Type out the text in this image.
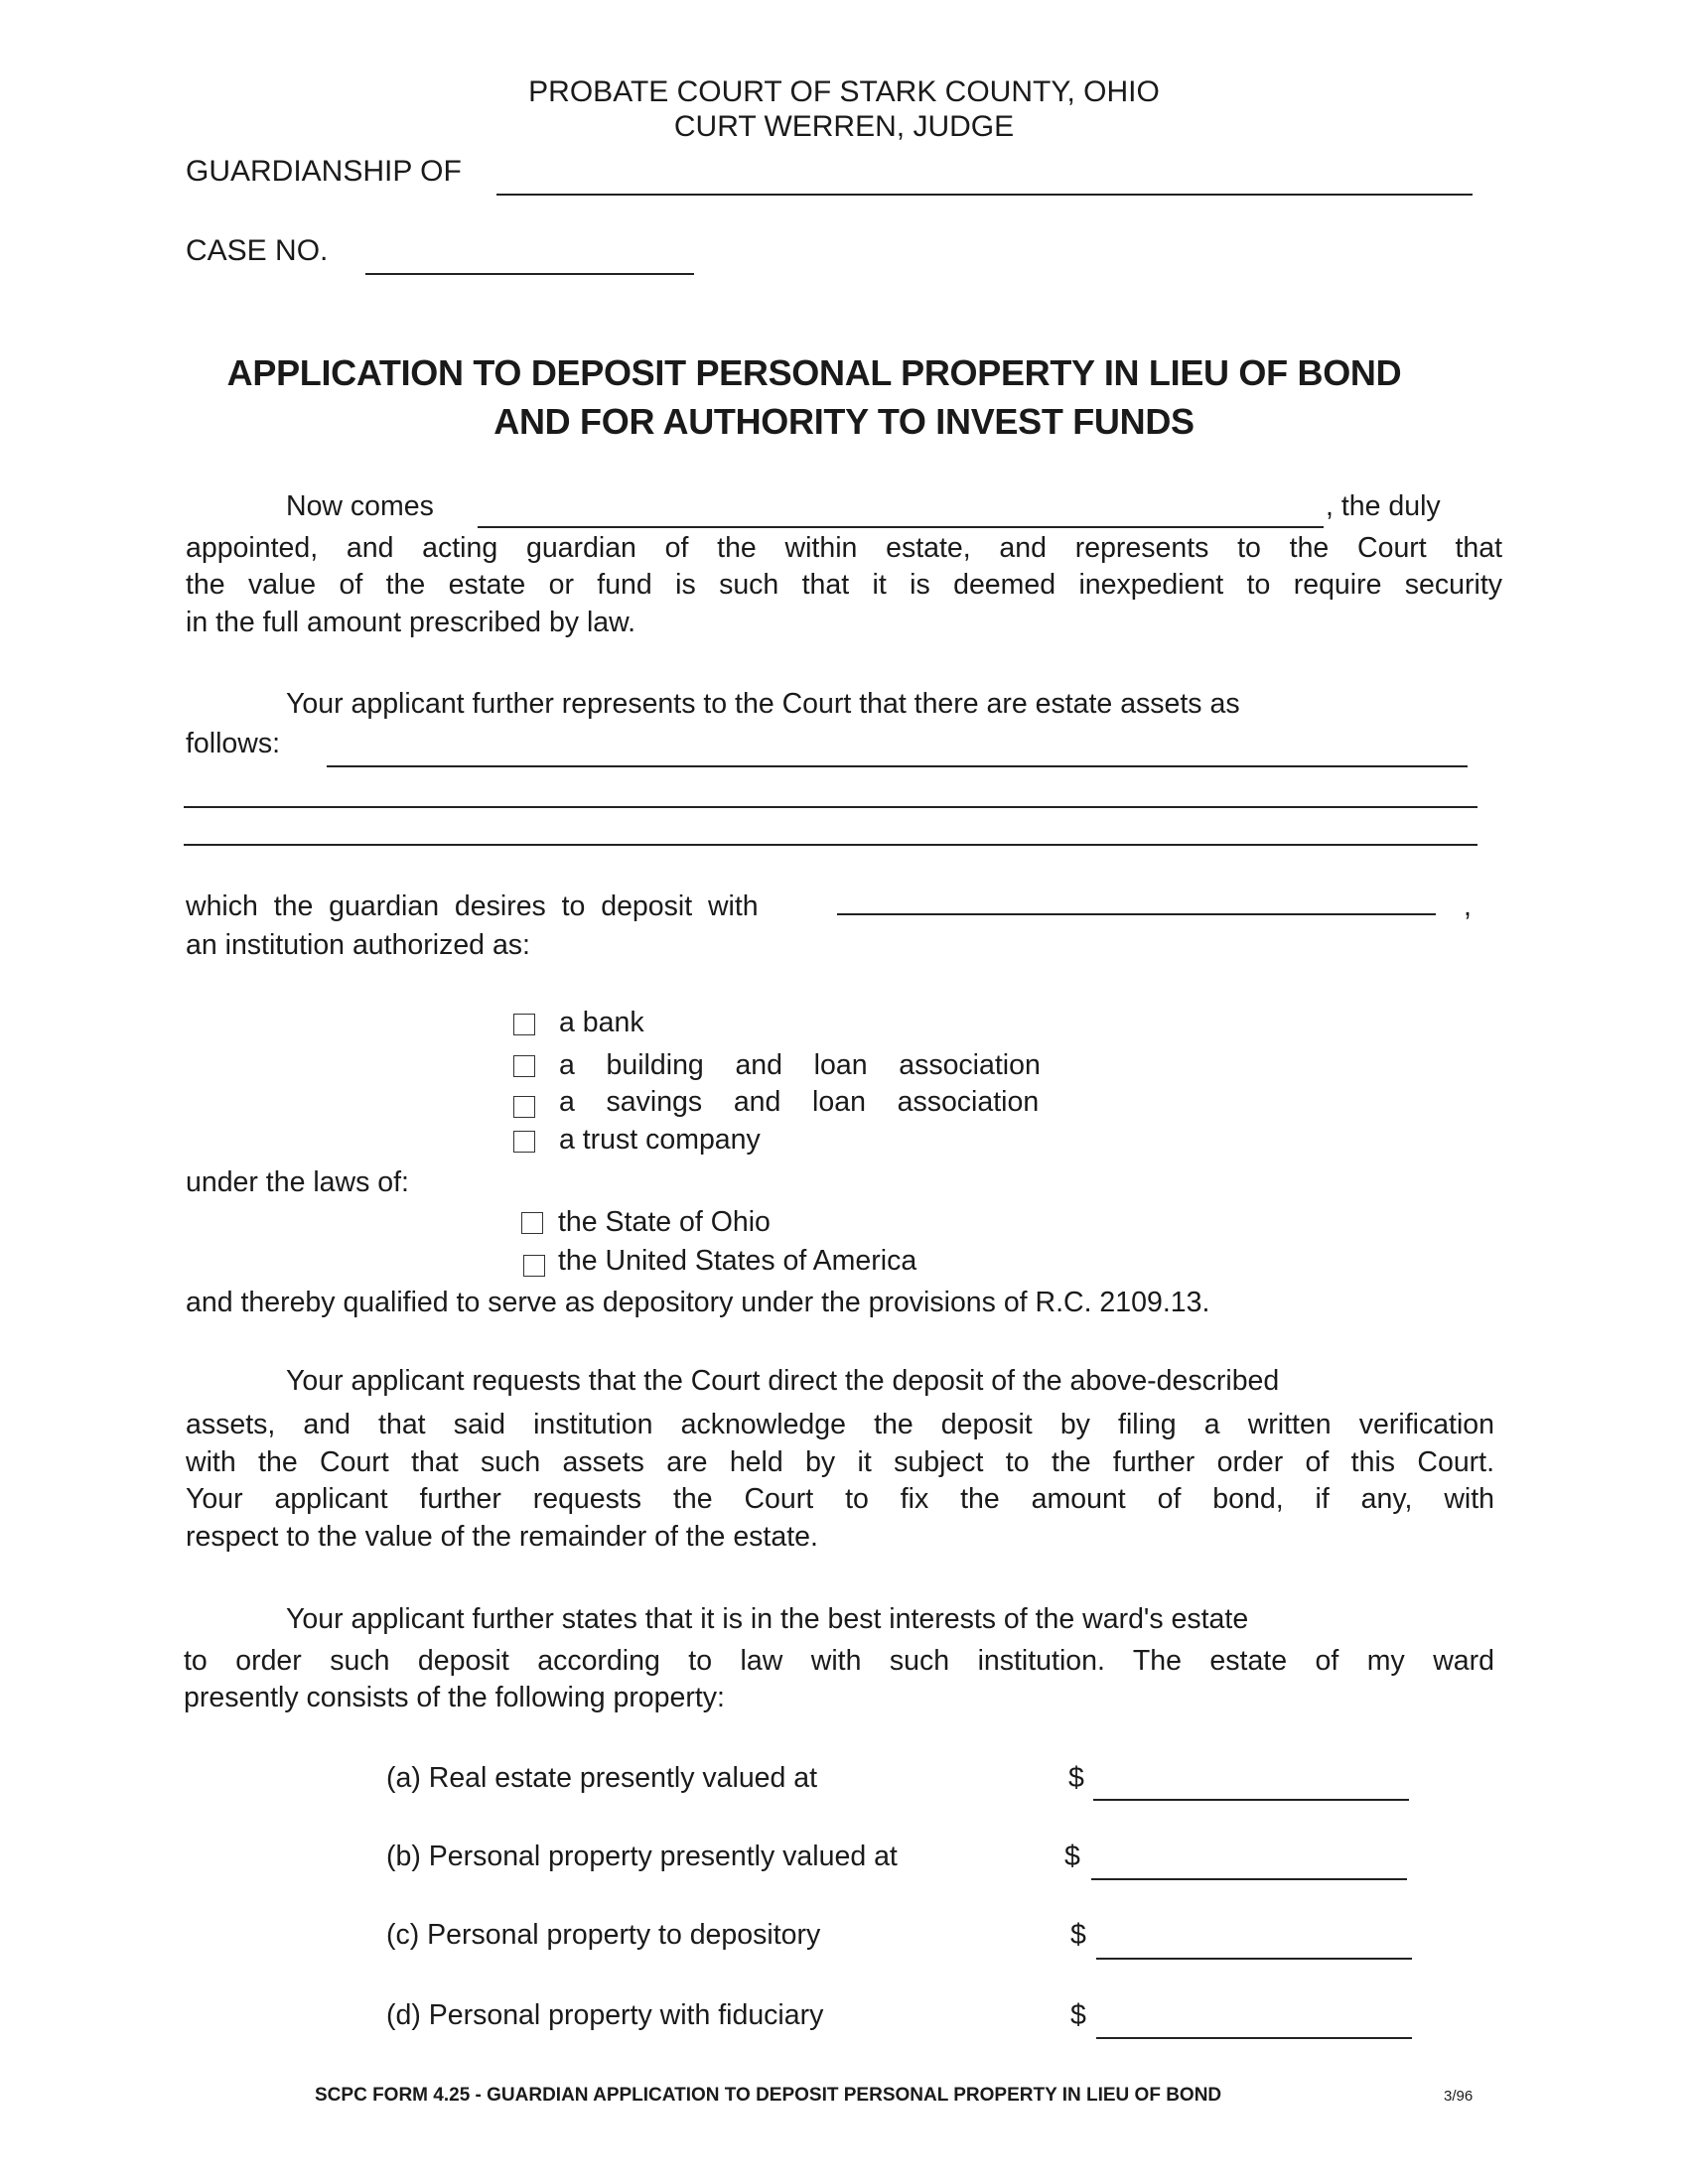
PROBATE COURT OF STARK COUNTY, OHIO
CURT WERREN, JUDGE
GUARDIANSHIP OF
CASE NO.
APPLICATION TO DEPOSIT PERSONAL PROPERTY IN LIEU OF BOND
AND FOR AUTHORITY TO INVEST FUNDS
Now comes	, the duly
appointed, and acting guardian of the within estate, and represents to the Court that
the value of the estate or fund is such that it is deemed inexpedient to require security
in the full amount prescribed by law.
Your applicant further represents to the Court that there are estate assets as
follows:
which  the  guardian  desires  to  deposit  with	,
an institution authorized as:
a bank
a    building    and    loan    association
a    savings    and    loan    association
a trust company
under the laws of:
the State of Ohio
the United States of America
and thereby qualified to serve as depository under the provisions of R.C. 2109.13.
Your applicant requests that the Court direct the deposit of the above-described
assets, and that said institution acknowledge the deposit by filing a written verification
with the Court that such assets are held by it subject to the further order of this Court.
Your applicant further requests the Court to fix the amount of bond, if any, with
respect to the value of the remainder of the estate.
Your applicant further states that it is in the best interests of the ward's estate
to order such deposit according to law with such institution. The estate of my ward
presently consists of the following property:
(a) Real estate presently valued at	$
(b) Personal property presently valued at	$
(c) Personal property to depository	$
(d) Personal property with fiduciary	$
SCPC FORM 4.25 - GUARDIAN APPLICATION TO DEPOSIT PERSONAL PROPERTY IN LIEU OF BOND	3/96
